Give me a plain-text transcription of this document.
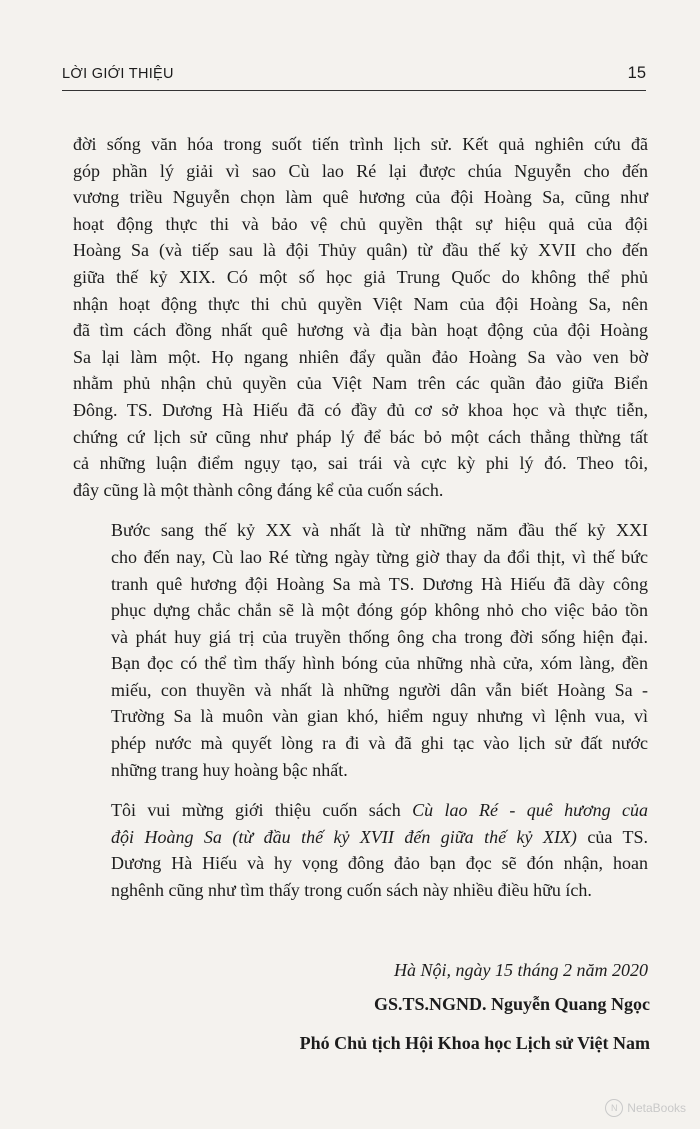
LỜI GIỚI THIỆU	15

đời sống văn hóa trong suốt tiến trình lịch sử. Kết quả nghiên cứu đã
góp phần lý giải vì sao Cù lao Ré lại được chúa Nguyễn cho đến
vương triều Nguyễn chọn làm quê hương của đội Hoàng Sa, cũng như
hoạt động thực thi và bảo vệ chủ quyền thật sự hiệu quả của đội
Hoàng Sa (và tiếp sau là đội Thủy quân) từ đầu thế kỷ XVII cho đến
giữa thế kỷ XIX. Có một số học giả Trung Quốc do không thể phủ
nhận hoạt động thực thi chủ quyền Việt Nam của đội Hoàng Sa, nên
đã tìm cách đồng nhất quê hương và địa bàn hoạt động của đội Hoàng
Sa lại làm một. Họ ngang nhiên đẩy quần đảo Hoàng Sa vào ven bờ
nhằm phủ nhận chủ quyền của Việt Nam trên các quần đảo giữa Biển
Đông. TS. Dương Hà Hiếu đã có đầy đủ cơ sở khoa học và thực tiễn,
chứng cứ lịch sử cũng như pháp lý để bác bỏ một cách thẳng thừng tất
cả những luận điểm ngụy tạo, sai trái và cực kỳ phi lý đó. Theo tôi,
đây cũng là một thành công đáng kể của cuốn sách.

Bước sang thế kỷ XX và nhất là từ những năm đầu thế kỷ XXI
cho đến nay, Cù lao Ré từng ngày từng giờ thay da đổi thịt, vì thế bức
tranh quê hương đội Hoàng Sa mà TS. Dương Hà Hiếu đã dày công
phục dựng chắc chắn sẽ là một đóng góp không nhỏ cho việc bảo tồn
và phát huy giá trị của truyền thống ông cha trong đời sống hiện đại.
Bạn đọc có thể tìm thấy hình bóng của những nhà cửa, xóm làng, đền
miếu, con thuyền và nhất là những người dân vẫn biết Hoàng Sa -
Trường Sa là muôn vàn gian khó, hiểm nguy nhưng vì lệnh vua, vì
phép nước mà quyết lòng ra đi và đã ghi tạc vào lịch sử đất nước
những trang huy hoàng bậc nhất.

Tôi vui mừng giới thiệu cuốn sách Cù lao Ré - quê hương của
đội Hoàng Sa (từ đầu thế kỷ XVII đến giữa thế kỷ XIX) của TS.
Dương Hà Hiếu và hy vọng đông đảo bạn đọc sẽ đón nhận, hoan
nghênh cũng như tìm thấy trong cuốn sách này nhiều điều hữu ích.

Hà Nội, ngày 15 tháng 2 năm 2020
GS.TS.NGND. Nguyễn Quang Ngọc
Phó Chủ tịch Hội Khoa học Lịch sử Việt Nam
N NetaBooks
